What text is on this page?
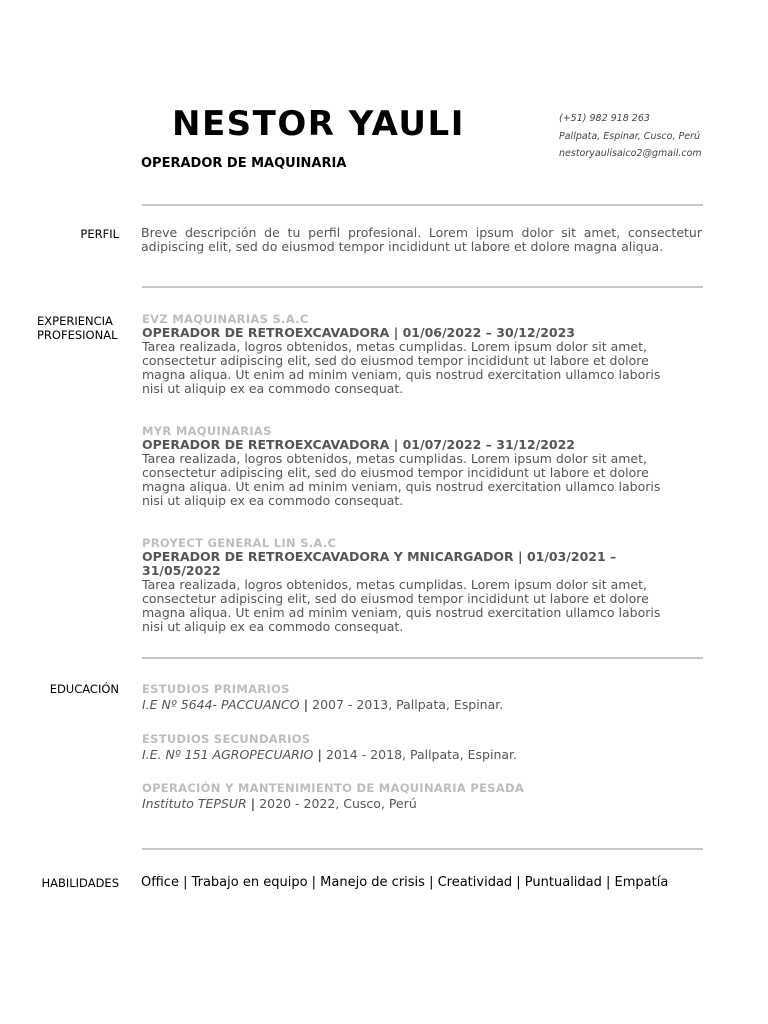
NESTOR YAULI
OPERADOR DE MAQUINARIA
(+51) 982 918 263
Pallpata, Espinar, Cusco, Perú
nestoryaulisaico2@gmail.com
PERFIL Breve descripción de tu perfil profesional. Lorem ipsum dolor sit amet, consectetur adipiscing elit, sed do eiusmod tempor incididunt ut labore et dolore magna aliqua.
EXPERIENCIA
PROFESIONAL
EVZ MAQUINARIAS S.A.C
OPERADOR DE RETROEXCAVADORA | 01/06/2022 – 30/12/2023
Tarea realizada, logros obtenidos, metas cumplidas. Lorem ipsum dolor sit amet, consectetur adipiscing elit, sed do eiusmod tempor incididunt ut labore et dolore magna aliqua. Ut enim ad minim veniam, quis nostrud exercitation ullamco laboris nisi ut aliquip ex ea commodo consequat.
MYR MAQUINARIAS
OPERADOR DE RETROEXCAVADORA | 01/07/2022 – 31/12/2022
Tarea realizada, logros obtenidos, metas cumplidas. Lorem ipsum dolor sit amet, consectetur adipiscing elit, sed do eiusmod tempor incididunt ut labore et dolore magna aliqua. Ut enim ad minim veniam, quis nostrud exercitation ullamco laboris nisi ut aliquip ex ea commodo consequat.
PROYECT GENERAL LIN S.A.C
OPERADOR DE RETROEXCAVADORA Y MNICARGADOR | 01/03/2021 – 31/05/2022
Tarea realizada, logros obtenidos, metas cumplidas. Lorem ipsum dolor sit amet, consectetur adipiscing elit, sed do eiusmod tempor incididunt ut labore et dolore magna aliqua. Ut enim ad minim veniam, quis nostrud exercitation ullamco laboris nisi ut aliquip ex ea commodo consequat.
EDUCACIÓN ESTUDIOS PRIMARIOS
I.E Nº 5644- PACCUANCO | 2007 - 2013, Pallpata, Espinar.
ESTUDIOS SECUNDARIOS
I.E. Nº 151 AGROPECUARIO | 2014 - 2018, Pallpata, Espinar.
OPERACIÓN Y MANTENIMIENTO DE MAQUINARIA PESADA
Instituto TEPSUR | 2020 - 2022, Cusco, Perú
HABILIDADES Office | Trabajo en equipo | Manejo de crisis | Creatividad | Puntualidad | Empatía
